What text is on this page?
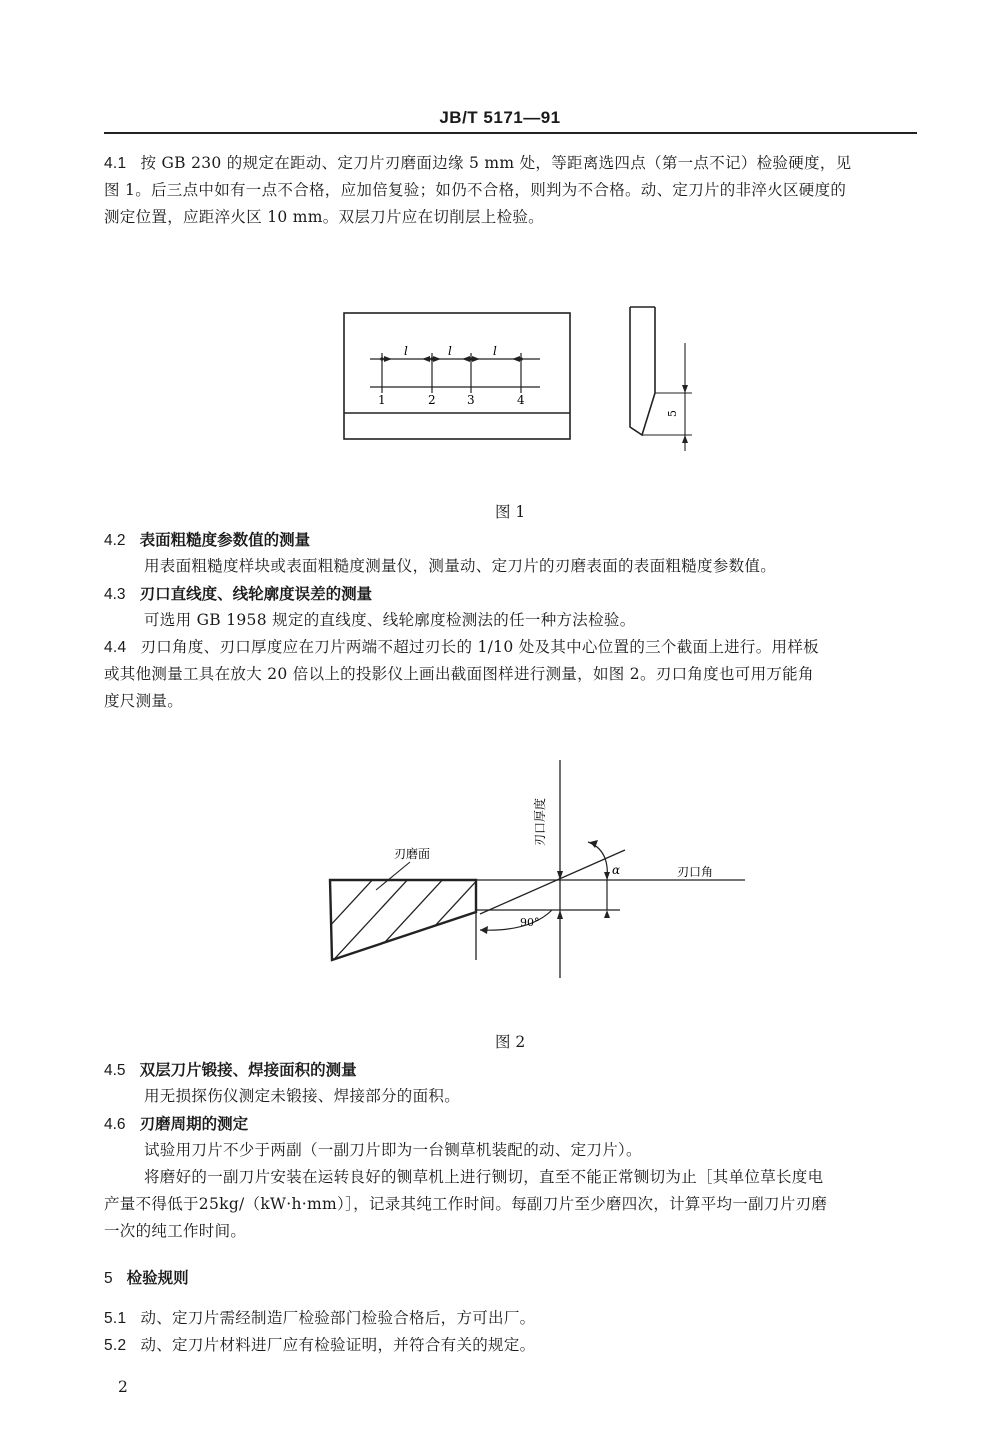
JB/T 5171—91
4.1 按 GB 230 的规定在距动、定刀片刃磨面边缘 5 mm 处，等距离选四点（第一点不记）检验硬度，见
图 1。后三点中如有一点不合格，应加倍复验；如仍不合格，则判为不合格。动、定刀片的非淬火区硬度的
测定位置，应距淬火区 10 mm。双层刀片应在切削层上检验。
l	l	l
1	2	3	4
5
图 1
4.2 表面粗糙度参数值的测量
用表面粗糙度样块或表面粗糙度测量仪，测量动、定刀片的刃磨表面的表面粗糙度参数值。
4.3 刃口直线度、线轮廓度误差的测量
可选用 GB 1958 规定的直线度、线轮廓度检测法的任一种方法检验。
4.4 刃口角度、刃口厚度应在刀片两端不超过刃长的 1/10 处及其中心位置的三个截面上进行。用样板
或其他测量工具在放大 20 倍以上的投影仪上画出截面图样进行测量，如图 2。刃口角度也可用万能角
度尺测量。
刃磨面
刃口角
α
90°
刃口厚度
图 2
4.5 双层刀片锻接、焊接面积的测量
用无损探伤仪测定未锻接、焊接部分的面积。
4.6 刃磨周期的测定
试验用刀片不少于两副（一副刀片即为一台铡草机装配的动、定刀片）。
将磨好的一副刀片安装在运转良好的铡草机上进行铡切，直至不能正常铡切为止［其单位草长度电
产量不得低于25kg/（kW·h·mm）］，记录其纯工作时间。每副刀片至少磨四次，计算平均一副刀片刃磨
一次的纯工作时间。
5 检验规则
5.1 动、定刀片需经制造厂检验部门检验合格后，方可出厂。
5.2 动、定刀片材料进厂应有检验证明，并符合有关的规定。
2
